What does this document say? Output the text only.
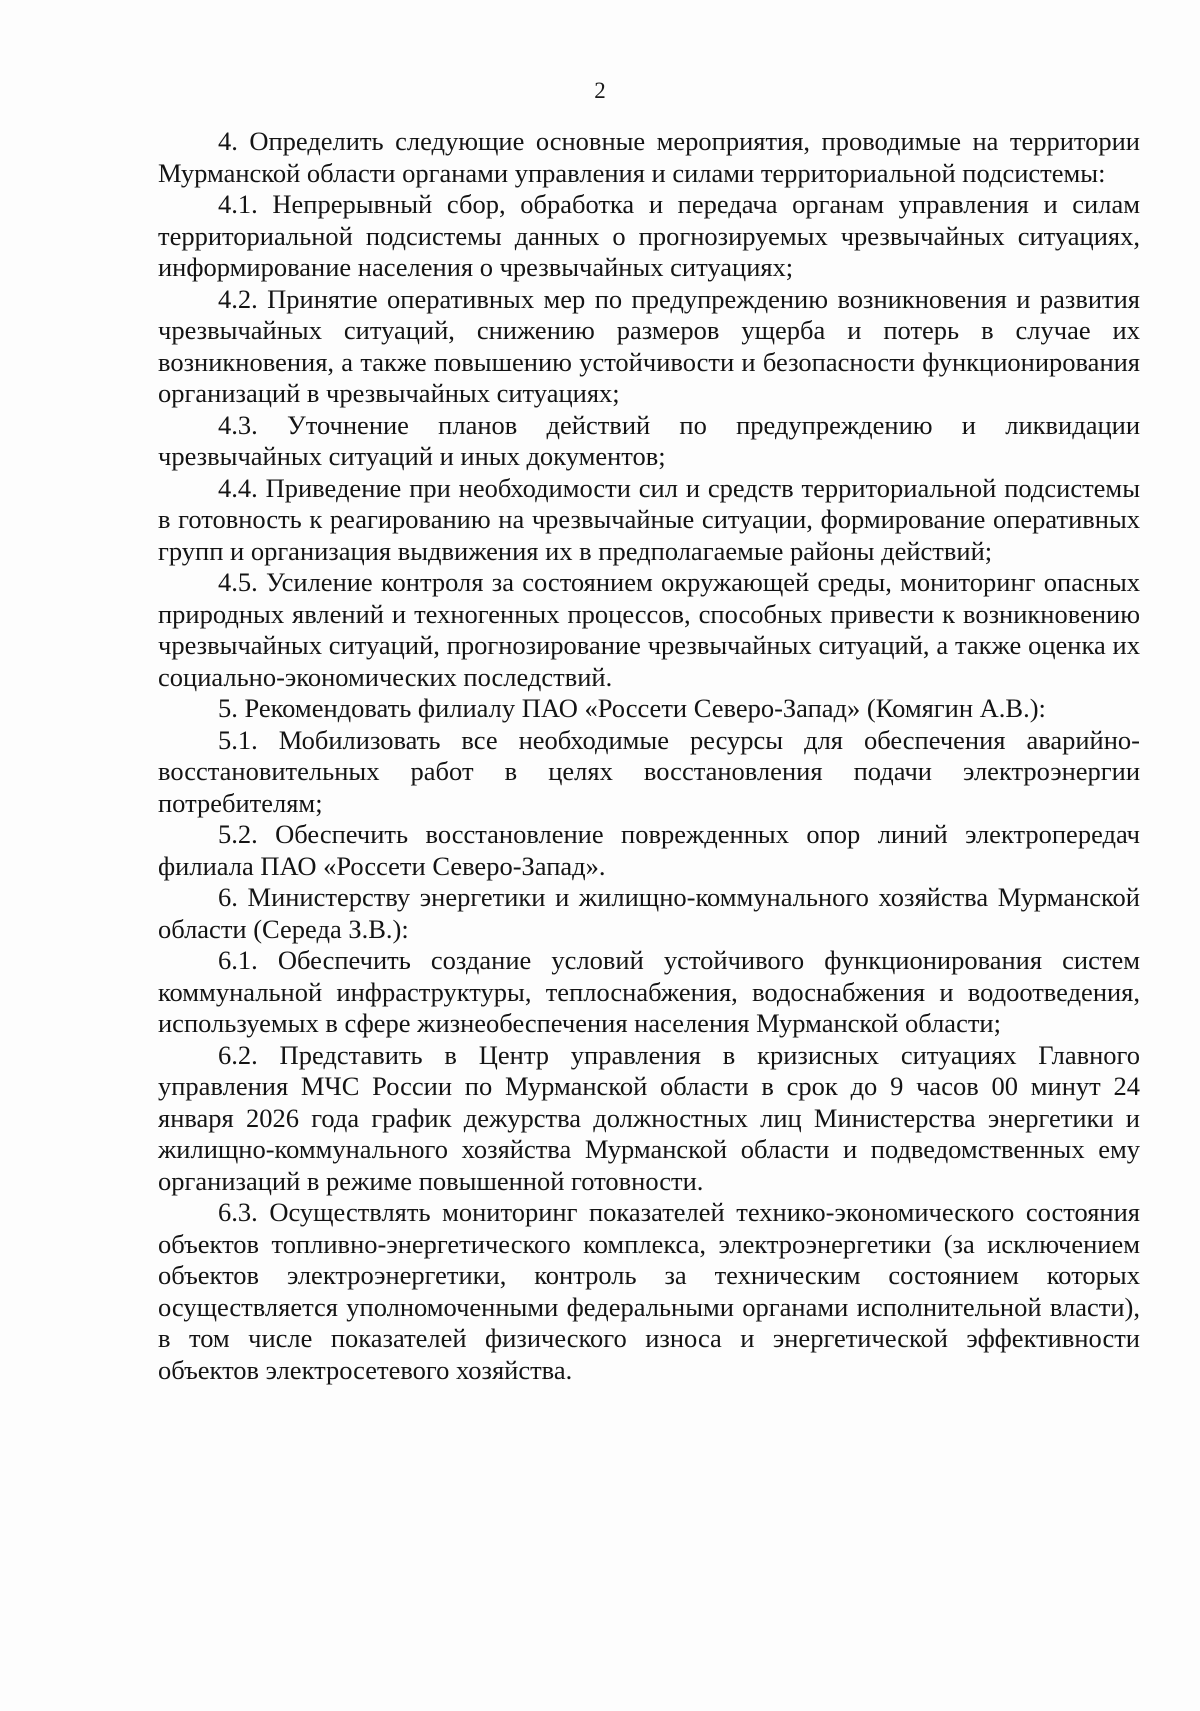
2

4. Определить следующие основные мероприятия, проводимые на территории Мурманской области органами управления и силами территориальной подсистемы:

4.1. Непрерывный сбор, обработка и передача органам управления и силам территориальной подсистемы данных о прогнозируемых чрезвычайных ситуациях, информирование населения о чрезвычайных ситуациях;

4.2. Принятие оперативных мер по предупреждению возникновения и развития чрезвычайных ситуаций, снижению размеров ущерба и потерь в случае их возникновения, а также повышению устойчивости и безопасности функционирования организаций в чрезвычайных ситуациях;

4.3. Уточнение планов действий по предупреждению и ликвидации чрезвычайных ситуаций и иных документов;

4.4. Приведение при необходимости сил и средств территориальной подсистемы в готовность к реагированию на чрезвычайные ситуации, формирование оперативных групп и организация выдвижения их в предполагаемые районы действий;

4.5. Усиление контроля за состоянием окружающей среды, мониторинг опасных природных явлений и техногенных процессов, способных привести к возникновению чрезвычайных ситуаций, прогнозирование чрезвычайных ситуаций, а также оценка их социально-экономических последствий.

5. Рекомендовать филиалу ПАО «Россети Северо-Запад» (Комягин А.В.):

5.1. Мобилизовать все необходимые ресурсы для обеспечения аварийно-восстановительных работ в целях восстановления подачи электроэнергии потребителям;

5.2. Обеспечить восстановление поврежденных опор линий электропередач филиала ПАО «Россети Северо-Запад».

6. Министерству энергетики и жилищно-коммунального хозяйства Мурманской области (Середа З.В.):

6.1. Обеспечить создание условий устойчивого функционирования систем коммунальной инфраструктуры, теплоснабжения, водоснабжения и водоотведения, используемых в сфере жизнеобеспечения населения Мурманской области;

6.2. Представить в Центр управления в кризисных ситуациях Главного управления МЧС России по Мурманской области в срок до 9 часов 00 минут 24 января 2026 года график дежурства должностных лиц Министерства энергетики и жилищно-коммунального хозяйства Мурманской области и подведомственных ему организаций в режиме повышенной готовности.

6.3. Осуществлять мониторинг показателей технико-экономического состояния объектов топливно-энергетического комплекса, электроэнергетики (за исключением объектов электроэнергетики, контроль за техническим состоянием которых осуществляется уполномоченными федеральными органами исполнительной власти), в том числе показателей физического износа и энергетической эффективности объектов электросетевого хозяйства.
